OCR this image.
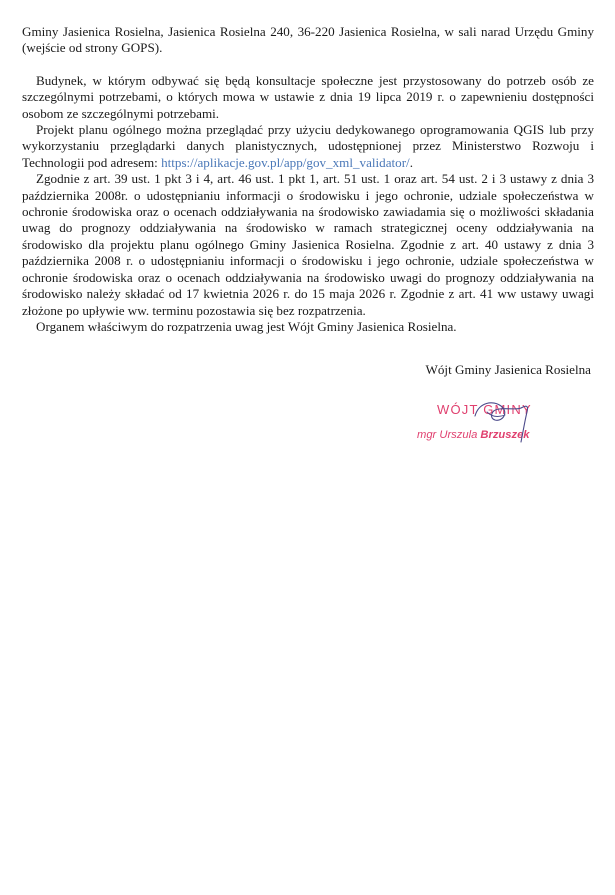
Gminy Jasienica Rosielna, Jasienica Rosielna 240, 36-220 Jasienica Rosielna, w sali narad Urzędu Gminy (wejście od strony GOPS).

Budynek, w którym odbywać się będą konsultacje społeczne jest przystosowany do potrzeb osób ze szczególnymi potrzebami, o których mowa w ustawie z dnia 19 lipca 2019 r. o zapewnieniu dostępności osobom ze szczególnymi potrzebami.

Projekt planu ogólnego można przeglądać przy użyciu dedykowanego oprogramowania QGIS lub przy wykorzystaniu przeglądarki danych planistycznych, udostępnionej przez Ministerstwo Rozwoju i Technologii pod adresem: https://aplikacje.gov.pl/app/gov_xml_validator/.

Zgodnie z art. 39 ust. 1 pkt 3 i 4, art. 46 ust. 1 pkt 1, art. 51 ust. 1 oraz art. 54 ust. 2 i 3 ustawy z dnia 3 października 2008r. o udostępnianiu informacji o środowisku i jego ochronie, udziale społeczeństwa w ochronie środowiska oraz o ocenach oddziaływania na środowisko zawiadamia się o możliwości składania uwag do prognozy oddziaływania na środowisko w ramach strategicznej oceny oddziaływania na środowisko dla projektu planu ogólnego Gminy Jasienica Rosielna. Zgodnie z art. 40 ustawy z dnia 3 października 2008 r. o udostępnianiu informacji o środowisku i jego ochronie, udziale społeczeństwa w ochronie środowiska oraz o ocenach oddziaływania na środowisko uwagi do prognozy oddziaływania na środowisko należy składać od 17 kwietnia 2026 r. do 15 maja 2026 r. Zgodnie z art. 41 ww ustawy uwagi złożone po upływie ww. terminu pozostawia się bez rozpatrzenia.

Organem właściwym do rozpatrzenia uwag jest Wójt Gminy Jasienica Rosielna.

Wójt Gminy Jasienica Rosielna
WÓJT GMINY
mgr Urszula Brzuszek
